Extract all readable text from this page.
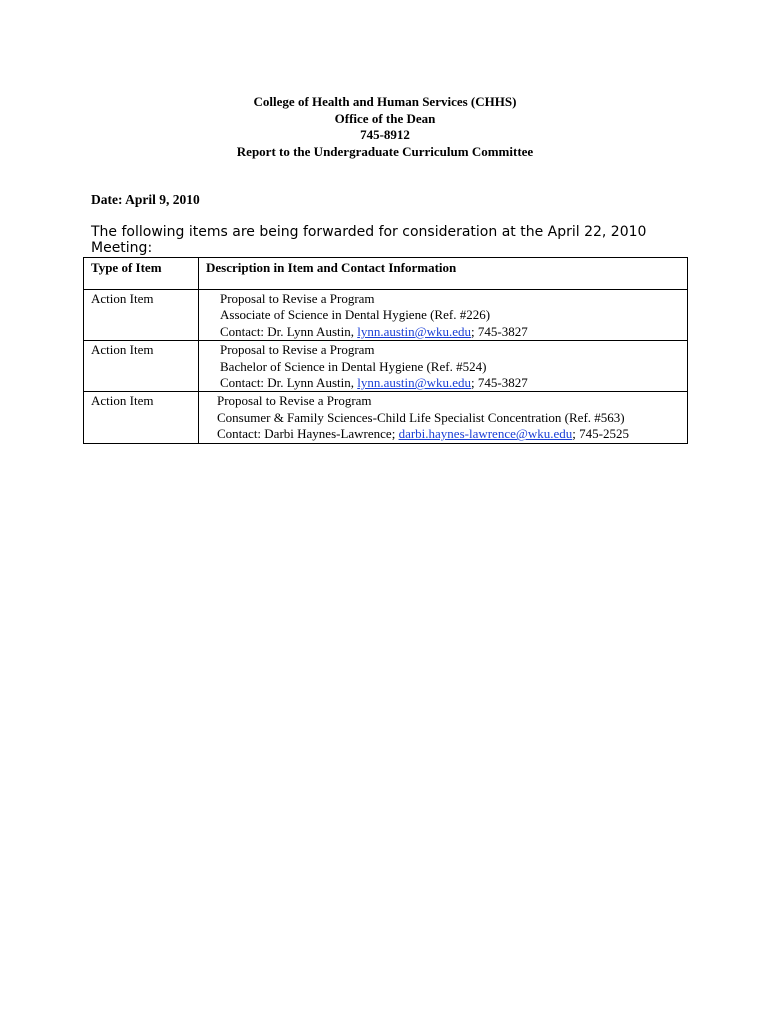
College of Health and Human Services (CHHS)
Office of the Dean
745-8912
Report to the Undergraduate Curriculum Committee
Date: April 9, 2010
The following items are being forwarded for consideration at the April 22, 2010 Meeting:
Type of Item	Description in Item and Contact Information

Action Item	Proposal to Revise a Program
Associate of Science in Dental Hygiene (Ref. #226)
Contact: Dr. Lynn Austin, lynn.austin@wku.edu; 745-3827

Action Item	Proposal to Revise a Program
Bachelor of Science in Dental Hygiene (Ref. #524)
Contact: Dr. Lynn Austin, lynn.austin@wku.edu; 745-3827

Action Item	Proposal to Revise a Program
Consumer & Family Sciences-Child Life Specialist Concentration (Ref. #563)
Contact: Darbi Haynes-Lawrence; darbi.haynes-lawrence@wku.edu; 745-2525
